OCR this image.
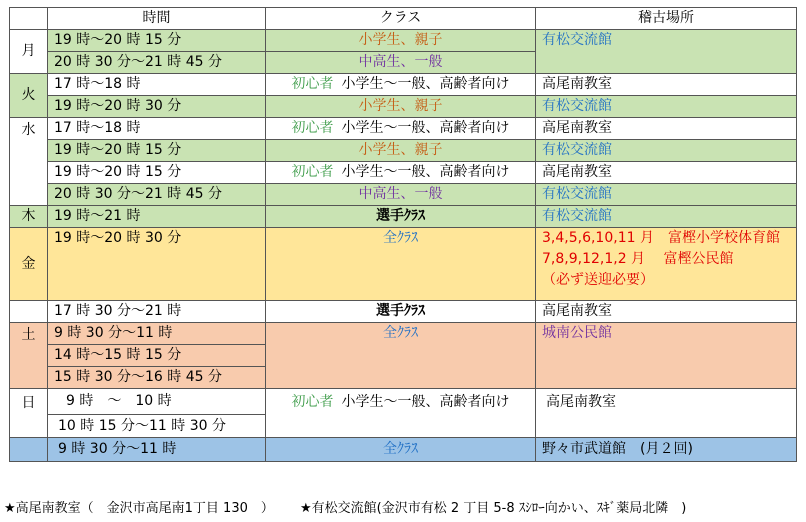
	時間	クラス	稽古場所
月	19 時～20 時 15 分	小学生、親子	有松交流館
	20 時 30 分～21 時 45 分	中高生、一般	
火	17 時～18 時	初心者 小学生～一般、高齢者向け	高尾南教室
	19 時～20 時 30 分	小学生、親子	有松交流館
水	17 時～18 時	初心者 小学生～一般、高齢者向け	高尾南教室
	19 時～20 時 15 分	小学生、親子	有松交流館
	19 時～20 時 15 分	初心者 小学生～一般、高齢者向け	高尾南教室
	20 時 30 分～21 時 45 分	中高生、一般	有松交流館
木	19 時～21 時	選手ｸﾗｽ	有松交流館
金	19 時～20 時 30 分	全ｸﾗｽ	3,4,5,6,10,11 月　富樫小学校体育館
7,8,9,12,1,2 月　 富樫公民館
（必ず送迎必要）

	17 時 30 分～21 時	選手ｸﾗｽ	高尾南教室
土	9 時 30 分～11 時	全ｸﾗｽ	城南公民館
	14 時～15 時 15 分		
	15 時 30 分～16 時 45 分		
日	9 時　～　10 時	初心者 小学生～一般、高齢者向け	高尾南教室
	10 時 15 分～11 時 30 分		
	9 時 30 分～11 時	全ｸﾗｽ	野々市武道館　(月２回)
★高尾南教室（　金沢市高尾南1丁目 130　） ★有松交流館(金沢市有松 2 丁目 5-8 ｽｼﾛｰ向かい、ｽｷﾞ薬局北隣　)
